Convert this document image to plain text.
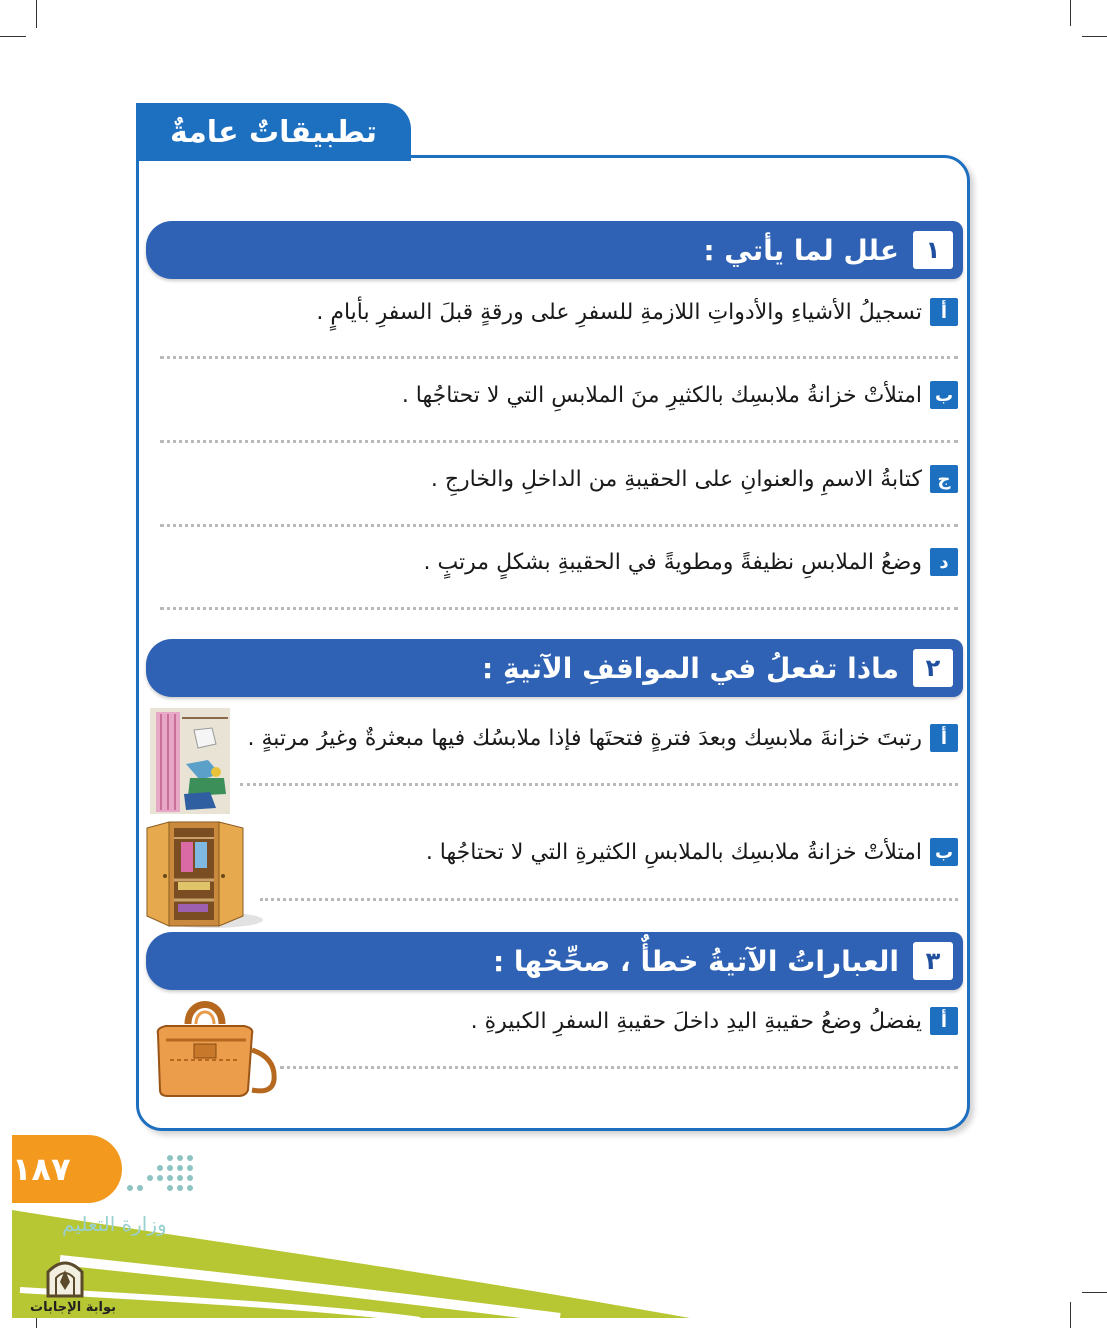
تطبيقاتٌ عامةٌ
١
علل لما يأتي :
أ
تسجيلُ الأشياءِ والأدواتِ اللازمةِ للسفرِ على ورقةٍ قبلَ السفرِ بأيامٍ .
ب
امتلأتْ خزانةُ ملابسِك بالكثيرِ منَ الملابسِ التي لا تحتاجُها .
ج
كتابةُ الاسمِ والعنوانِ على الحقيبةِ من الداخلِ والخارجِ .
د
وضعُ الملابسِ نظيفةً ومطويةً في الحقيبةِ بشكلٍ مرتبٍ .
٢
ماذا تفعلُ في المواقفِ الآتيةِ :
أ
رتبتَ خزانةَ ملابسِك وبعدَ فترةٍ فتحتَها فإذا ملابسُك فيها مبعثرةٌ وغيرُ مرتبةٍ .
ب
امتلأتْ خزانةُ ملابسِك بالملابسِ الكثيرةِ التي لا تحتاجُها .
٣
العباراتُ الآتيةُ خطأٌ ، صحِّحْها :
أ
يفضلُ وضعُ حقيبةِ اليدِ داخلَ حقيبةِ السفرِ الكبيرةِ .
١٨٧
وزارة التعليم
بوابة الإجابات
